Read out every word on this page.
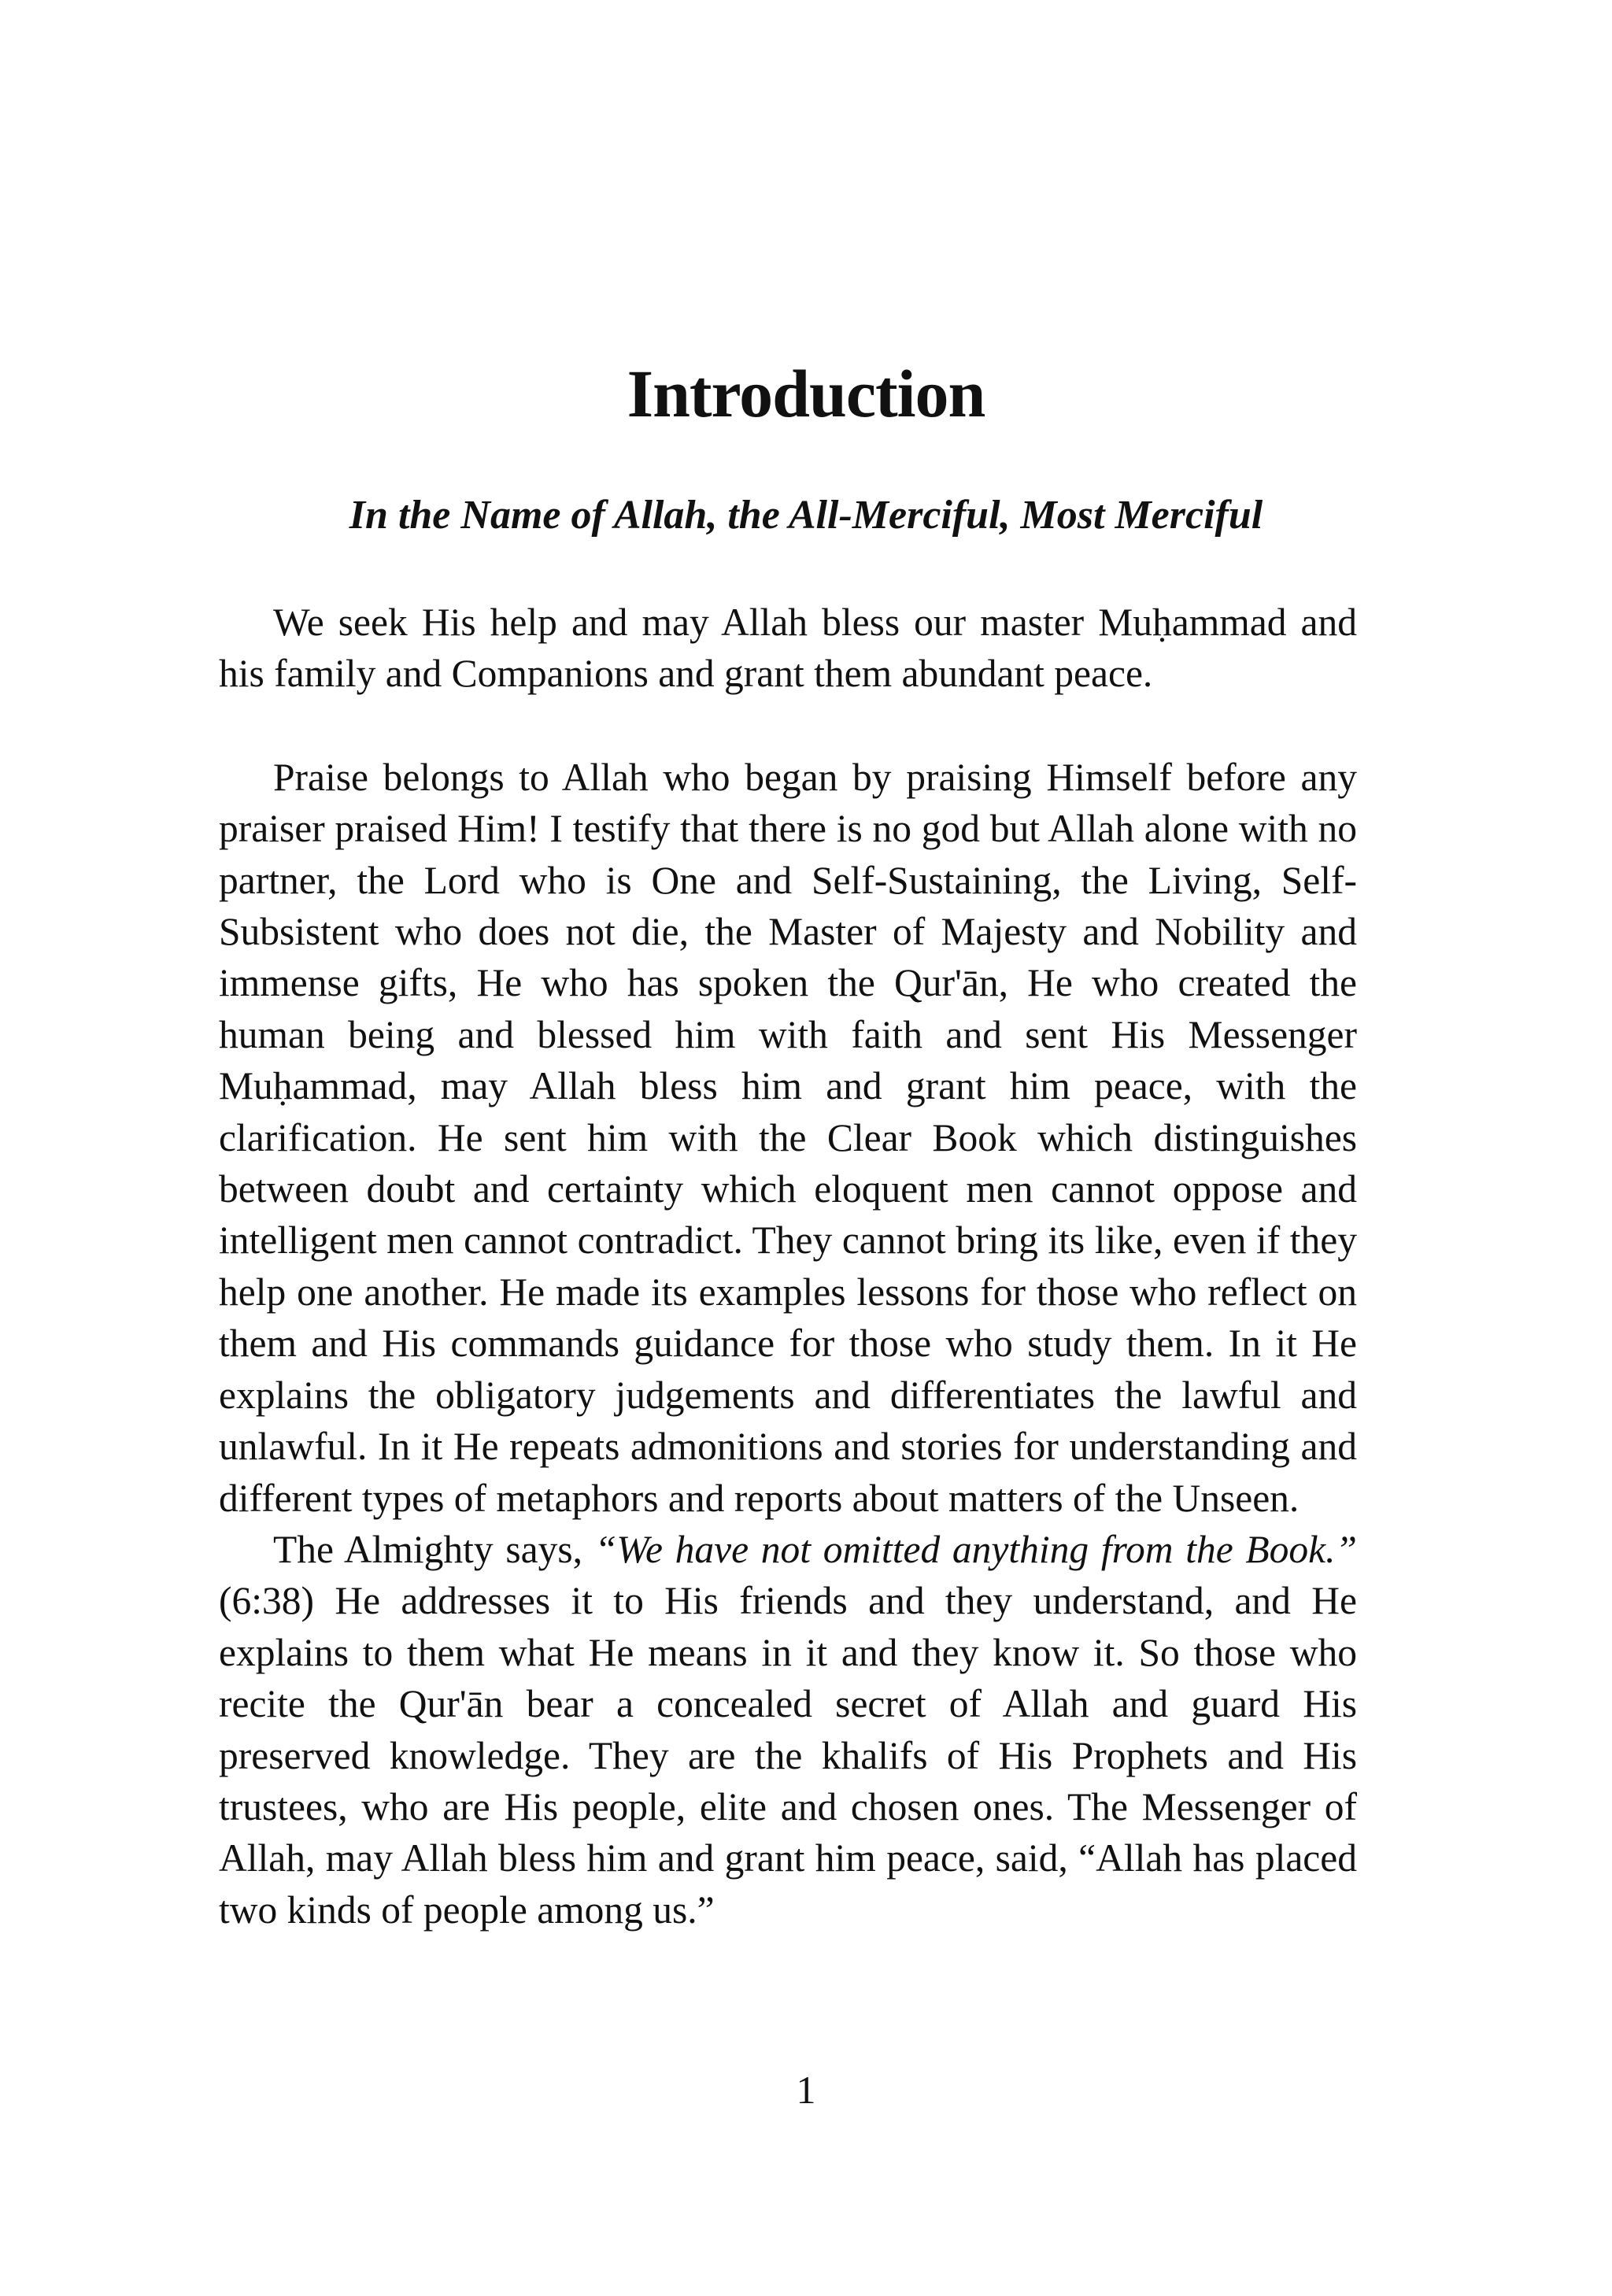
Introduction
In the Name of Allah, the All-Merciful, Most Merciful

We seek His help and may Allah bless our master Muḥammad and his family and Companions and grant them abundant peace.

Praise belongs to Allah who began by praising Himself before any praiser praised Him! I testify that there is no god but Allah alone with no partner, the Lord who is One and Self-Sustaining, the Living, Self-Subsistent who does not die, the Master of Majesty and Nobility and immense gifts, He who has spoken the Qur'ān, He who created the human being and blessed him with faith and sent His Messenger Muḥammad, may Allah bless him and grant him peace, with the clarification. He sent him with the Clear Book which distinguishes between doubt and certainty which eloquent men cannot oppose and intelligent men cannot contradict. They cannot bring its like, even if they help one another. He made its examples lessons for those who reflect on them and His commands guidance for those who study them. In it He explains the obligatory judgements and differentiates the lawful and unlawful. In it He repeats admonitions and stories for understanding and different types of metaphors and reports about matters of the Unseen.

The Almighty says, “We have not omitted anything from the Book.” (6:38) He addresses it to His friends and they understand, and He explains to them what He means in it and they know it. So those who recite the Qur'ān bear a concealed secret of Allah and guard His preserved knowledge. They are the khalifs of His Prophets and His trustees, who are His people, elite and chosen ones. The Messenger of Allah, may Allah bless him and grant him peace, said, “Allah has placed two kinds of people among us.”

1
